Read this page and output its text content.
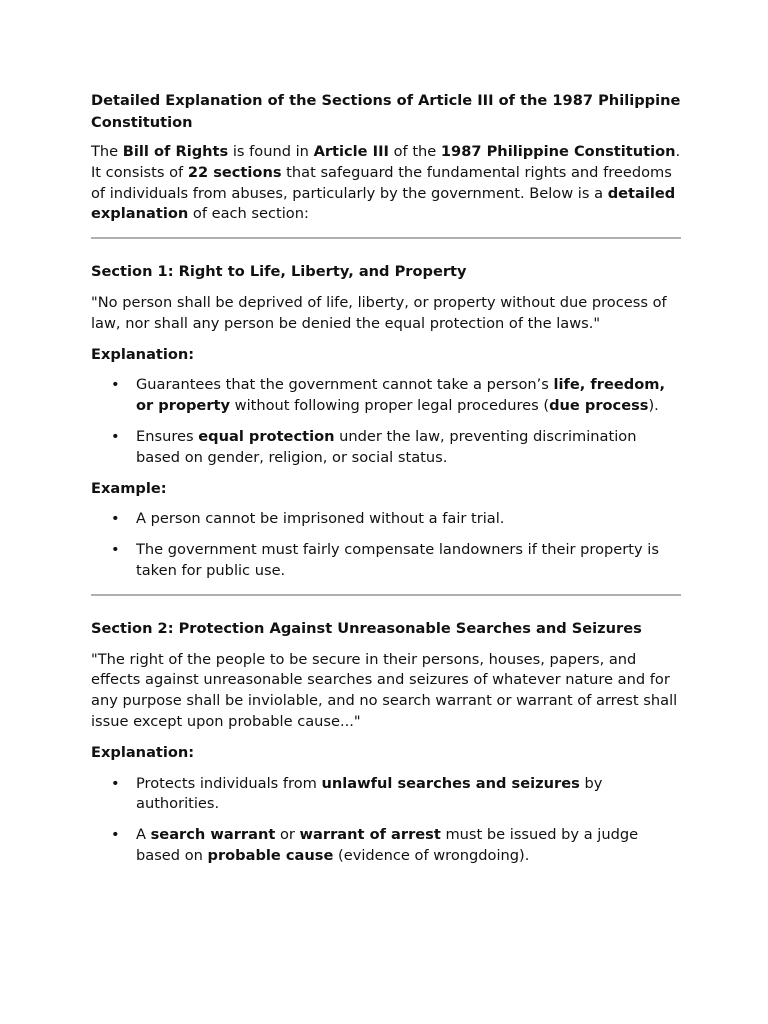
Detailed Explanation of the Sections of Article III of the 1987 Philippine Constitution

The Bill of Rights is found in Article III of the 1987 Philippine Constitution. It consists of 22 sections that safeguard the fundamental rights and freedoms of individuals from abuses, particularly by the government. Below is a detailed explanation of each section:

Section 1: Right to Life, Liberty, and Property

"No person shall be deprived of life, liberty, or property without due process of law, nor shall any person be denied the equal protection of the laws."

Explanation:
• Guarantees that the government cannot take a person’s life, freedom, or property without following proper legal procedures (due process).
• Ensures equal protection under the law, preventing discrimination based on gender, religion, or social status.
Example:
• A person cannot be imprisoned without a fair trial.
• The government must fairly compensate landowners if their property is taken for public use.
Section 2: Protection Against Unreasonable Searches and Seizures

"The right of the people to be secure in their persons, houses, papers, and effects against unreasonable searches and seizures of whatever nature and for any purpose shall be inviolable, and no search warrant or warrant of arrest shall issue except upon probable cause..."

Explanation:
• Protects individuals from unlawful searches and seizures by authorities.
• A search warrant or warrant of arrest must be issued by a judge based on probable cause (evidence of wrongdoing).
